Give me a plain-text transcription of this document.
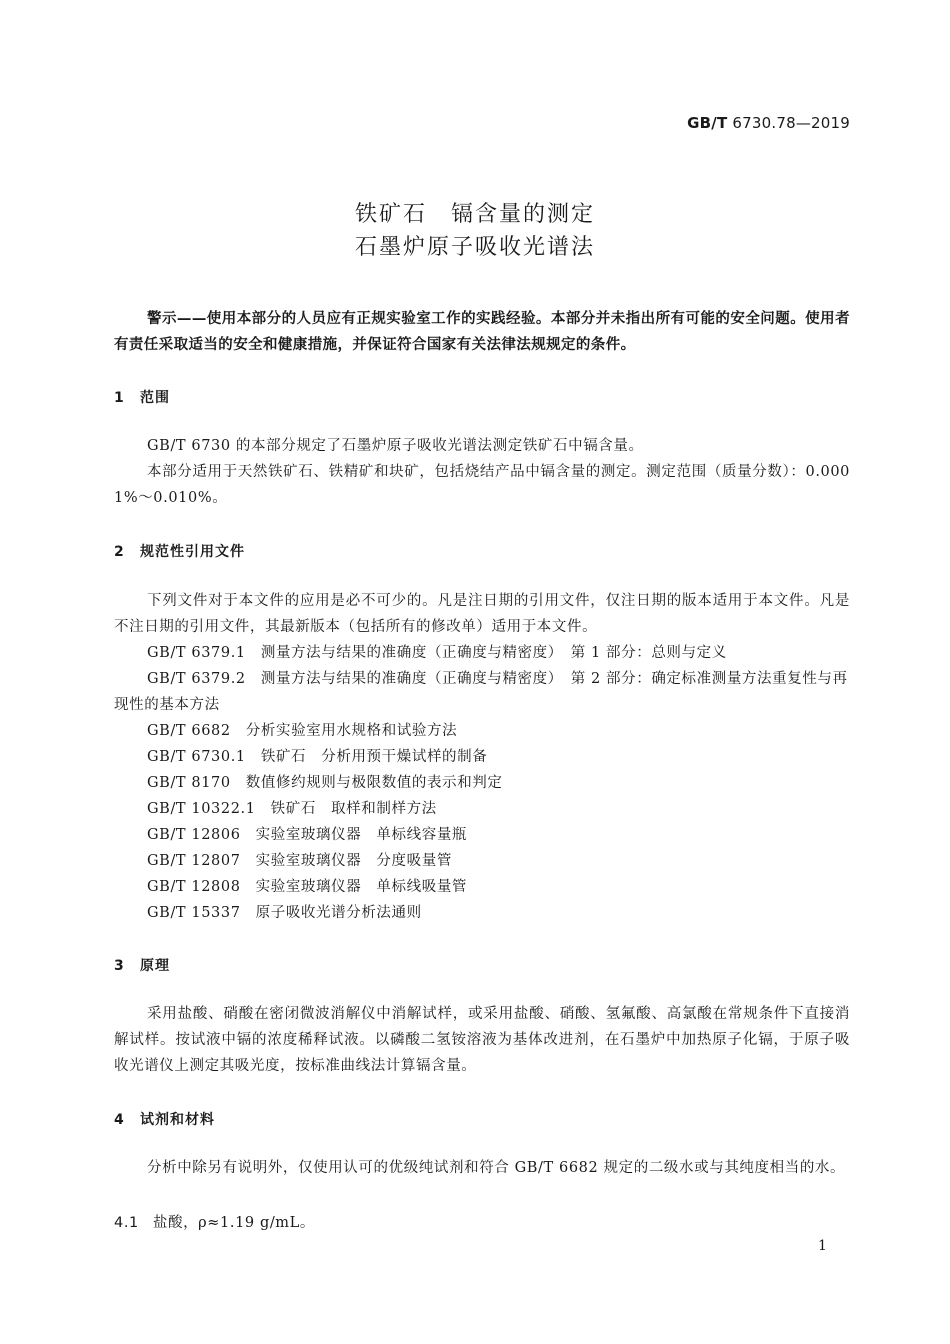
GB/T 6730.78—2019
铁矿石　镉含量的测定
石墨炉原子吸收光谱法
警示——使用本部分的人员应有正规实验室工作的实践经验。本部分并未指出所有可能的安全问题。使用者有责任采取适当的安全和健康措施，并保证符合国家有关法律法规规定的条件。
1 范围
GB/T 6730 的本部分规定了石墨炉原子吸收光谱法测定铁矿石中镉含量。
本部分适用于天然铁矿石、铁精矿和块矿，包括烧结产品中镉含量的测定。测定范围（质量分数）：0.000 1%～0.010%。
2 规范性引用文件
下列文件对于本文件的应用是必不可少的。凡是注日期的引用文件，仅注日期的版本适用于本文件。凡是不注日期的引用文件，其最新版本（包括所有的修改单）适用于本文件。
GB/T 6379.1　测量方法与结果的准确度（正确度与精密度）　第 1 部分：总则与定义
GB/T 6379.2　测量方法与结果的准确度（正确度与精密度）　第 2 部分：确定标准测量方法重复性与再现性的基本方法
GB/T 6682　分析实验室用水规格和试验方法
GB/T 6730.1　铁矿石　分析用预干燥试样的制备
GB/T 8170　数值修约规则与极限数值的表示和判定
GB/T 10322.1　铁矿石　取样和制样方法
GB/T 12806　实验室玻璃仪器　单标线容量瓶
GB/T 12807　实验室玻璃仪器　分度吸量管
GB/T 12808　实验室玻璃仪器　单标线吸量管
GB/T 15337　原子吸收光谱分析法通则
3 原理
采用盐酸、硝酸在密闭微波消解仪中消解试样，或采用盐酸、硝酸、氢氟酸、高氯酸在常规条件下直接消解试样。按试液中镉的浓度稀释试液。以磷酸二氢铵溶液为基体改进剂，在石墨炉中加热原子化镉，于原子吸收光谱仪上测定其吸光度，按标准曲线法计算镉含量。
4 试剂和材料
分析中除另有说明外，仅使用认可的优级纯试剂和符合 GB/T 6682 规定的二级水或与其纯度相当的水。
4.1 盐酸，ρ≈1.19 g/mL。
1
